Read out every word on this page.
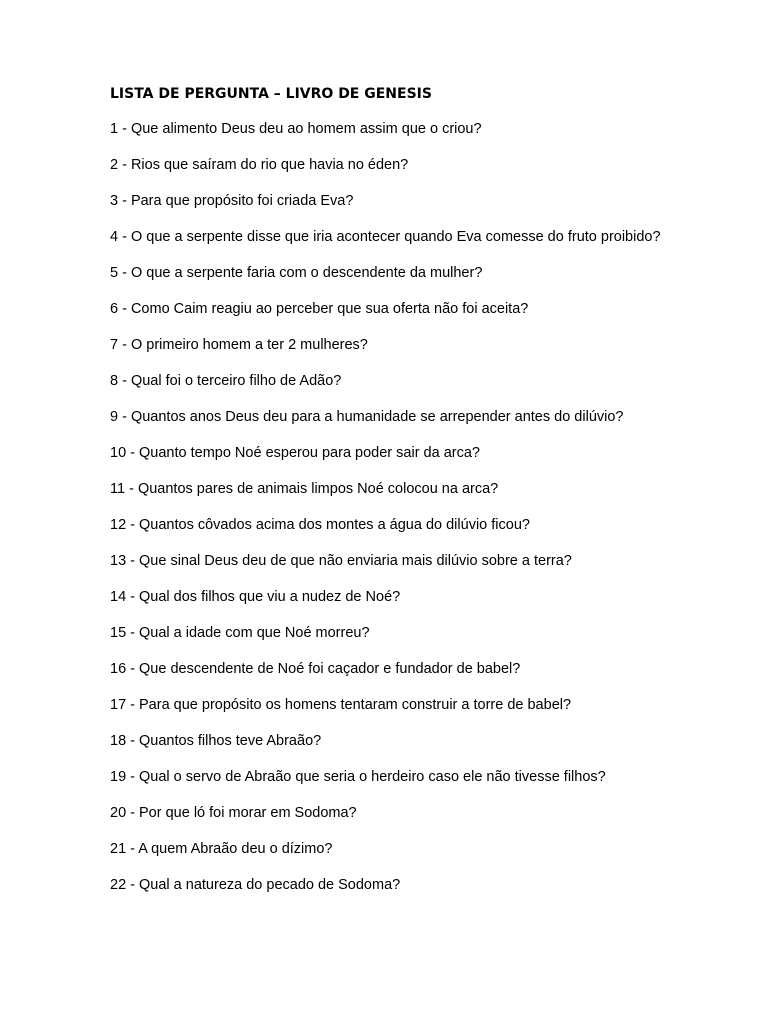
LISTA DE PERGUNTA – LIVRO DE GENESIS
1 - Que alimento Deus deu ao homem assim que o criou?
2 - Rios que saíram do rio que havia no éden?
3 - Para que propósito foi criada Eva?
4 - O que a serpente disse que iria acontecer quando Eva comesse do fruto proibido?
5 - O que a serpente faria com o descendente da mulher?
6 - Como Caim reagiu ao perceber que sua oferta não foi aceita?
7 - O primeiro homem a ter 2 mulheres?
8 - Qual foi o terceiro filho de Adão?
9 - Quantos anos Deus deu para a humanidade se arrepender antes do dilúvio?
10 - Quanto tempo Noé esperou para poder sair da arca?
11 - Quantos pares de animais limpos Noé colocou na arca?
12 - Quantos côvados acima dos montes a água do dilúvio ficou?
13 - Que sinal Deus deu de que não enviaria mais dilúvio sobre a terra?
14 - Qual dos filhos que viu a nudez de Noé?
15 - Qual a idade com que Noé morreu?
16 - Que descendente de Noé foi caçador e fundador de babel?
17 - Para que propósito os homens tentaram construir a torre de babel?
18 - Quantos filhos teve Abraão?
19 - Qual o servo de Abraão que seria o herdeiro caso ele não tivesse filhos?
20 - Por que ló foi morar em Sodoma?
21 - A quem Abraão deu o dízimo?
22 - Qual a natureza do pecado de Sodoma?
